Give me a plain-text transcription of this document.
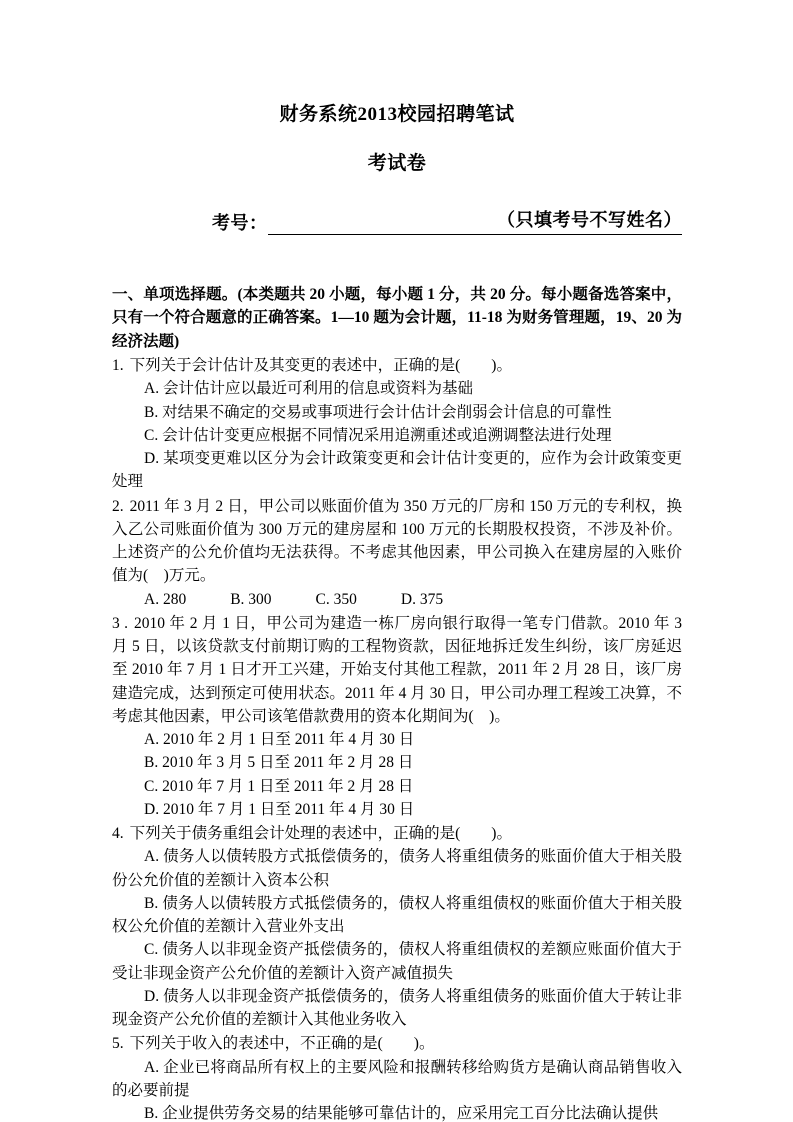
财务系统2013校园招聘笔试
考试卷
考号：	（只填考号不写姓名）
一、单项选择题。(本类题共 20 小题，每小题 1 分，共 20 分。每小题备选答案中，只有一个符合题意的正确答案。1—10 题为会计题，11-18 为财务管理题，19、20 为经济法题)
1. 下列关于会计估计及其变更的表述中，正确的是(　　)。
A. 会计估计应以最近可利用的信息或资料为基础
B. 对结果不确定的交易或事项进行会计估计会削弱会计信息的可靠性
C. 会计估计变更应根据不同情况采用追溯重述或追溯调整法进行处理
D. 某项变更难以区分为会计政策变更和会计估计变更的，应作为会计政策变更处理
2. 2011 年 3 月 2 日，甲公司以账面价值为 350 万元的厂房和 150 万元的专利权，换入乙公司账面价值为 300 万元的建房屋和 100 万元的长期股权投资，不涉及补价。上述资产的公允价值均无法获得。不考虑其他因素，甲公司换入在建房屋的入账价值为(　)万元。
A. 280	B. 300	C. 350	D. 375
3 . 2010 年 2 月 1 日，甲公司为建造一栋厂房向银行取得一笔专门借款。2010 年 3 月 5 日，以该贷款支付前期订购的工程物资款，因征地拆迁发生纠纷，该厂房延迟至 2010 年 7 月 1 日才开工兴建，开始支付其他工程款，2011 年 2 月 28 日，该厂房建造完成，达到预定可使用状态。2011 年 4 月 30 日，甲公司办理工程竣工决算，不考虑其他因素，甲公司该笔借款费用的资本化期间为(　)。
A. 2010 年 2 月 1 日至 2011 年 4 月 30 日
B. 2010 年 3 月 5 日至 2011 年 2 月 28 日
C. 2010 年 7 月 1 日至 2011 年 2 月 28 日
D. 2010 年 7 月 1 日至 2011 年 4 月 30 日
4. 下列关于债务重组会计处理的表述中，正确的是(　　)。
A. 债务人以债转股方式抵偿债务的，债务人将重组债务的账面价值大于相关股份公允价值的差额计入资本公积
B. 债务人以债转股方式抵偿债务的，债权人将重组债权的账面价值大于相关股权公允价值的差额计入营业外支出
C. 债务人以非现金资产抵偿债务的，债权人将重组债权的差额应账面价值大于受让非现金资产公允价值的差额计入资产减值损失
D. 债务人以非现金资产抵偿债务的，债务人将重组债务的账面价值大于转让非现金资产公允价值的差额计入其他业务收入
5. 下列关于收入的表述中，不正确的是(　　)。
A. 企业已将商品所有权上的主要风险和报酬转移给购货方是确认商品销售收入的必要前提
B. 企业提供劳务交易的结果能够可靠估计的，应采用完工百分比法确认提供
